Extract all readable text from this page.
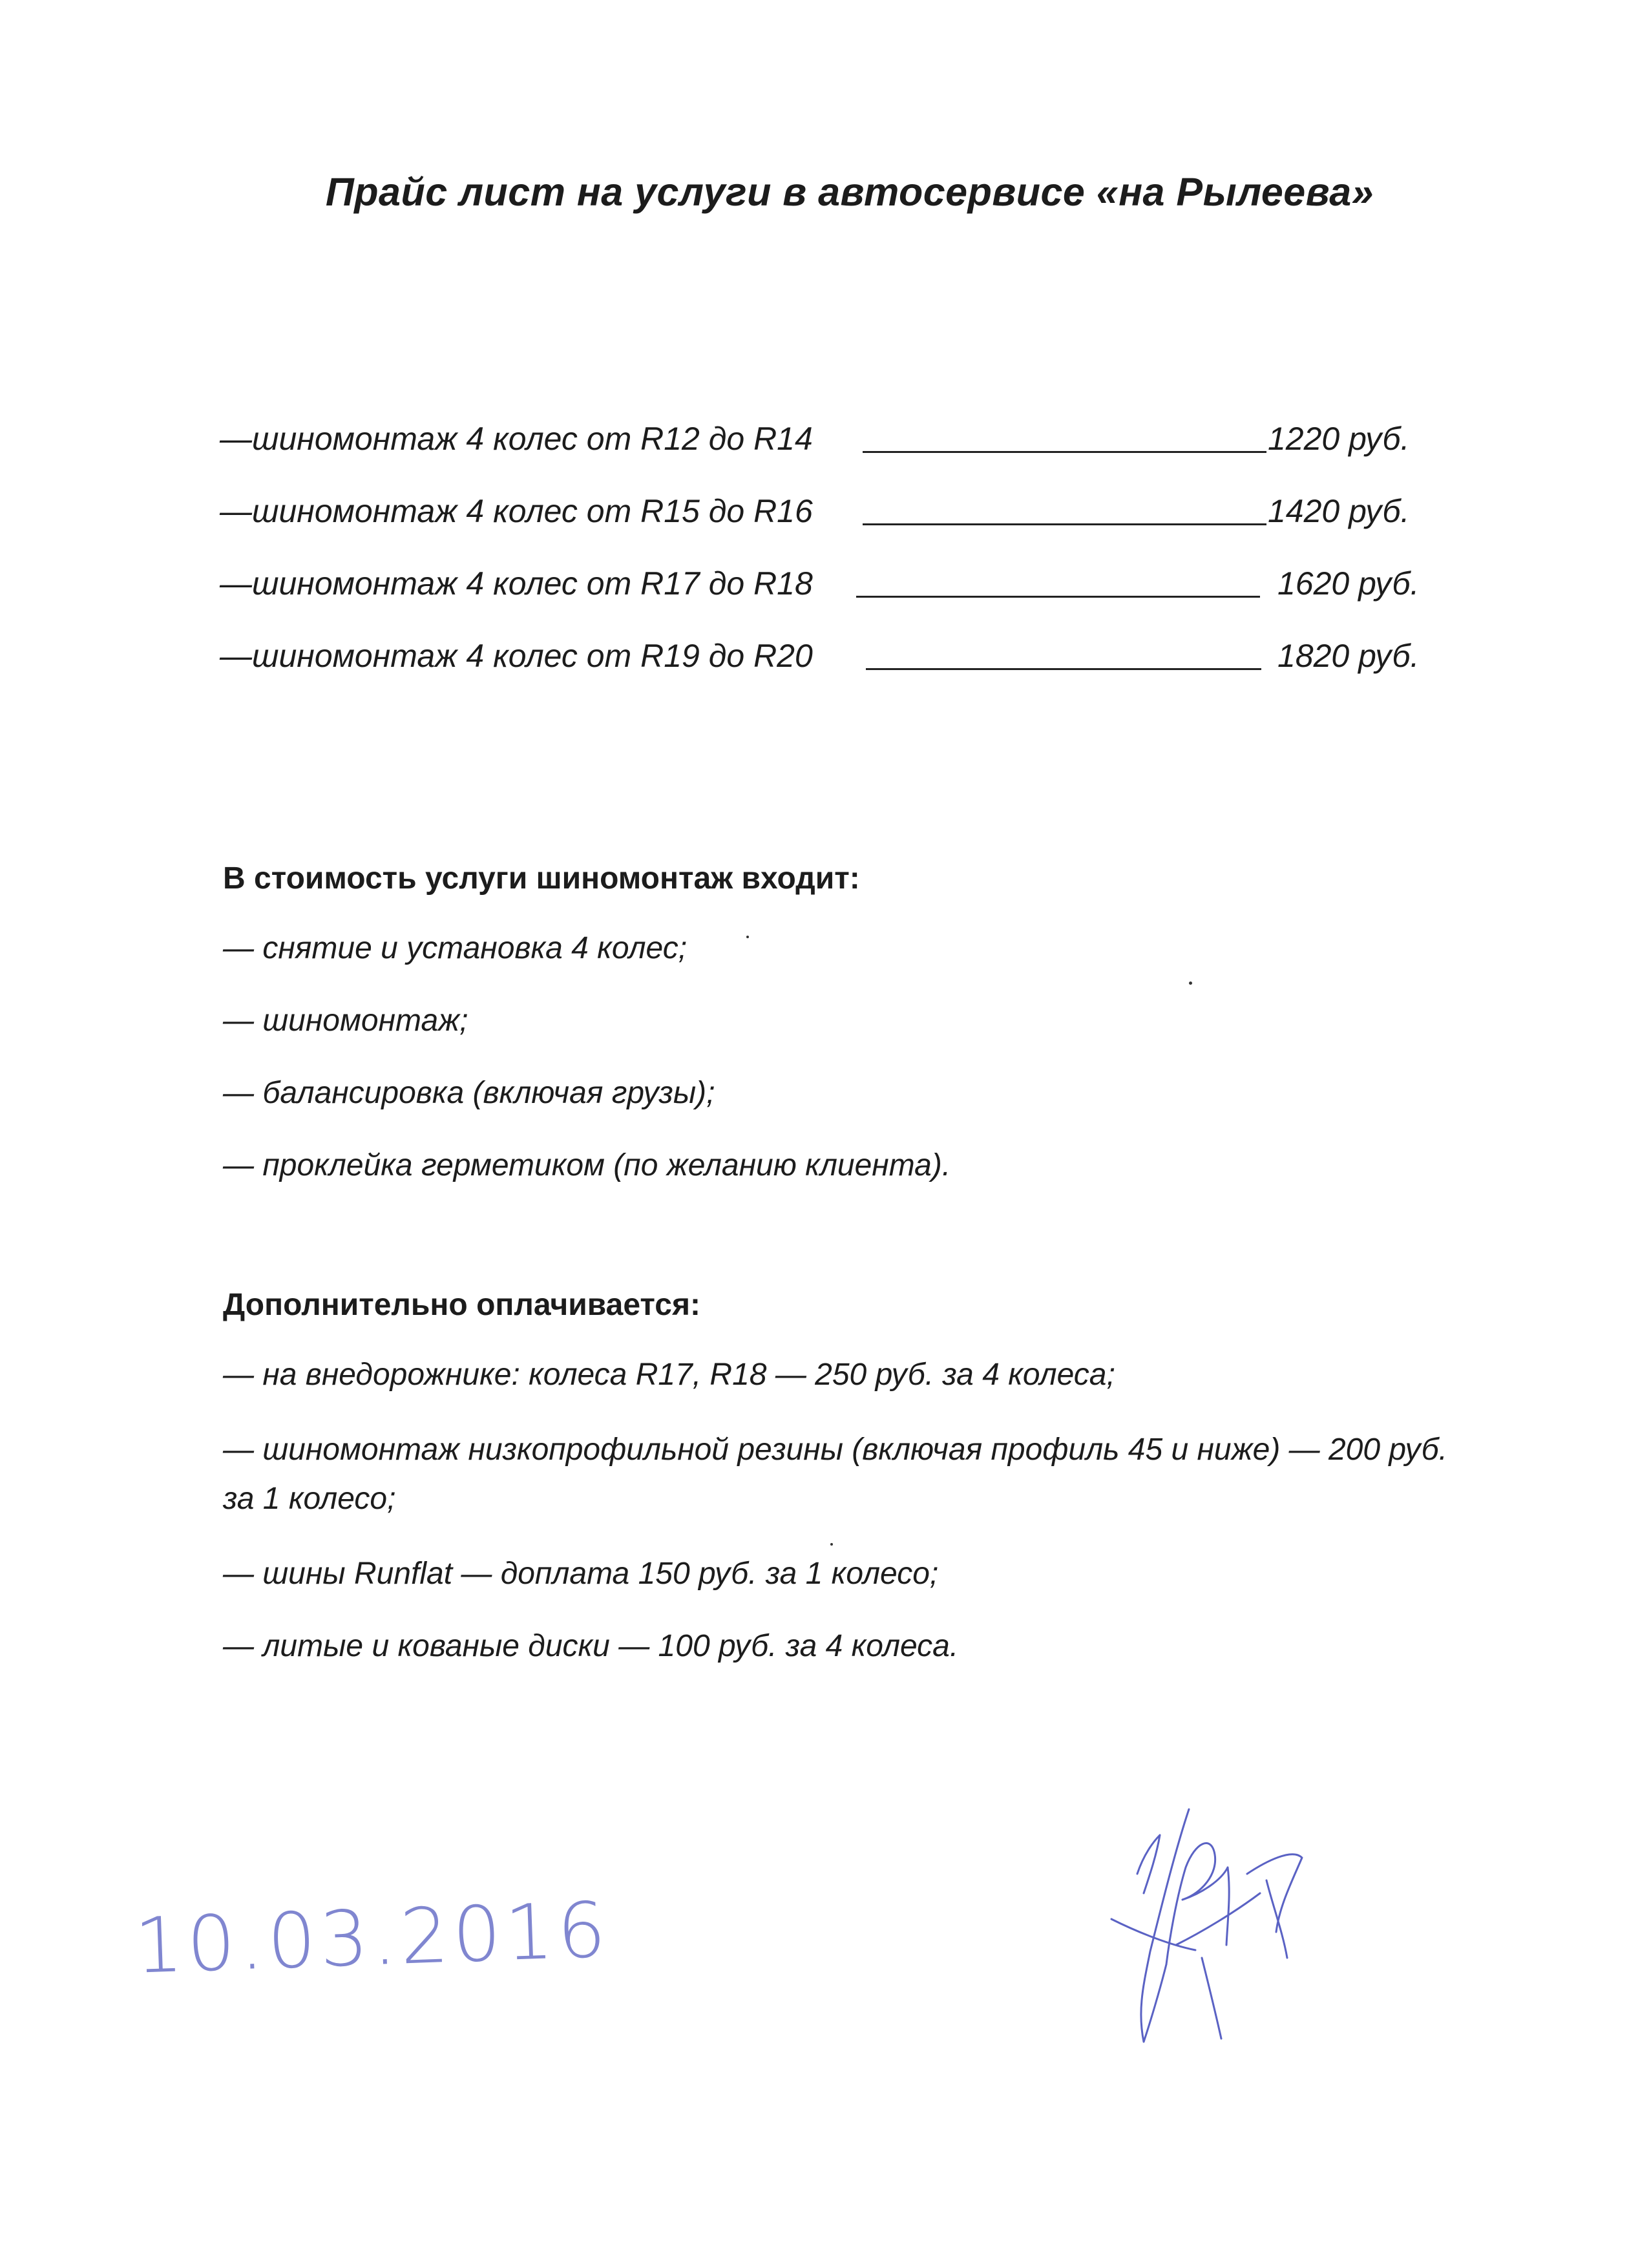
Прайс лист на услуги в автосервисе «на Рылеева»
—шиномонтаж 4 колес от R12 до R14	1220 руб.
—шиномонтаж 4 колес от R15 до R16	1420 руб.
—шиномонтаж 4 колес от R17 до R18	1620 руб.
—шиномонтаж 4 колес от R19 до R20	1820 руб.
В стоимость услуги шиномонтаж входит:
— снятие и установка 4 колес;
— шиномонтаж;
— балансировка (включая грузы);
— проклейка герметиком (по желанию клиента).
Дополнительно оплачивается:
— на внедорожнике: колеса R17, R18 — 250 руб. за 4 колеса;
— шиномонтаж низкопрофильной резины (включая профиль 45 и ниже) — 200 руб. за 1 колесо;
— шины Runflat — доплата 150 руб. за 1 колесо;
— литые и кованые диски — 100 руб. за 4 колеса.
10.03.2016
